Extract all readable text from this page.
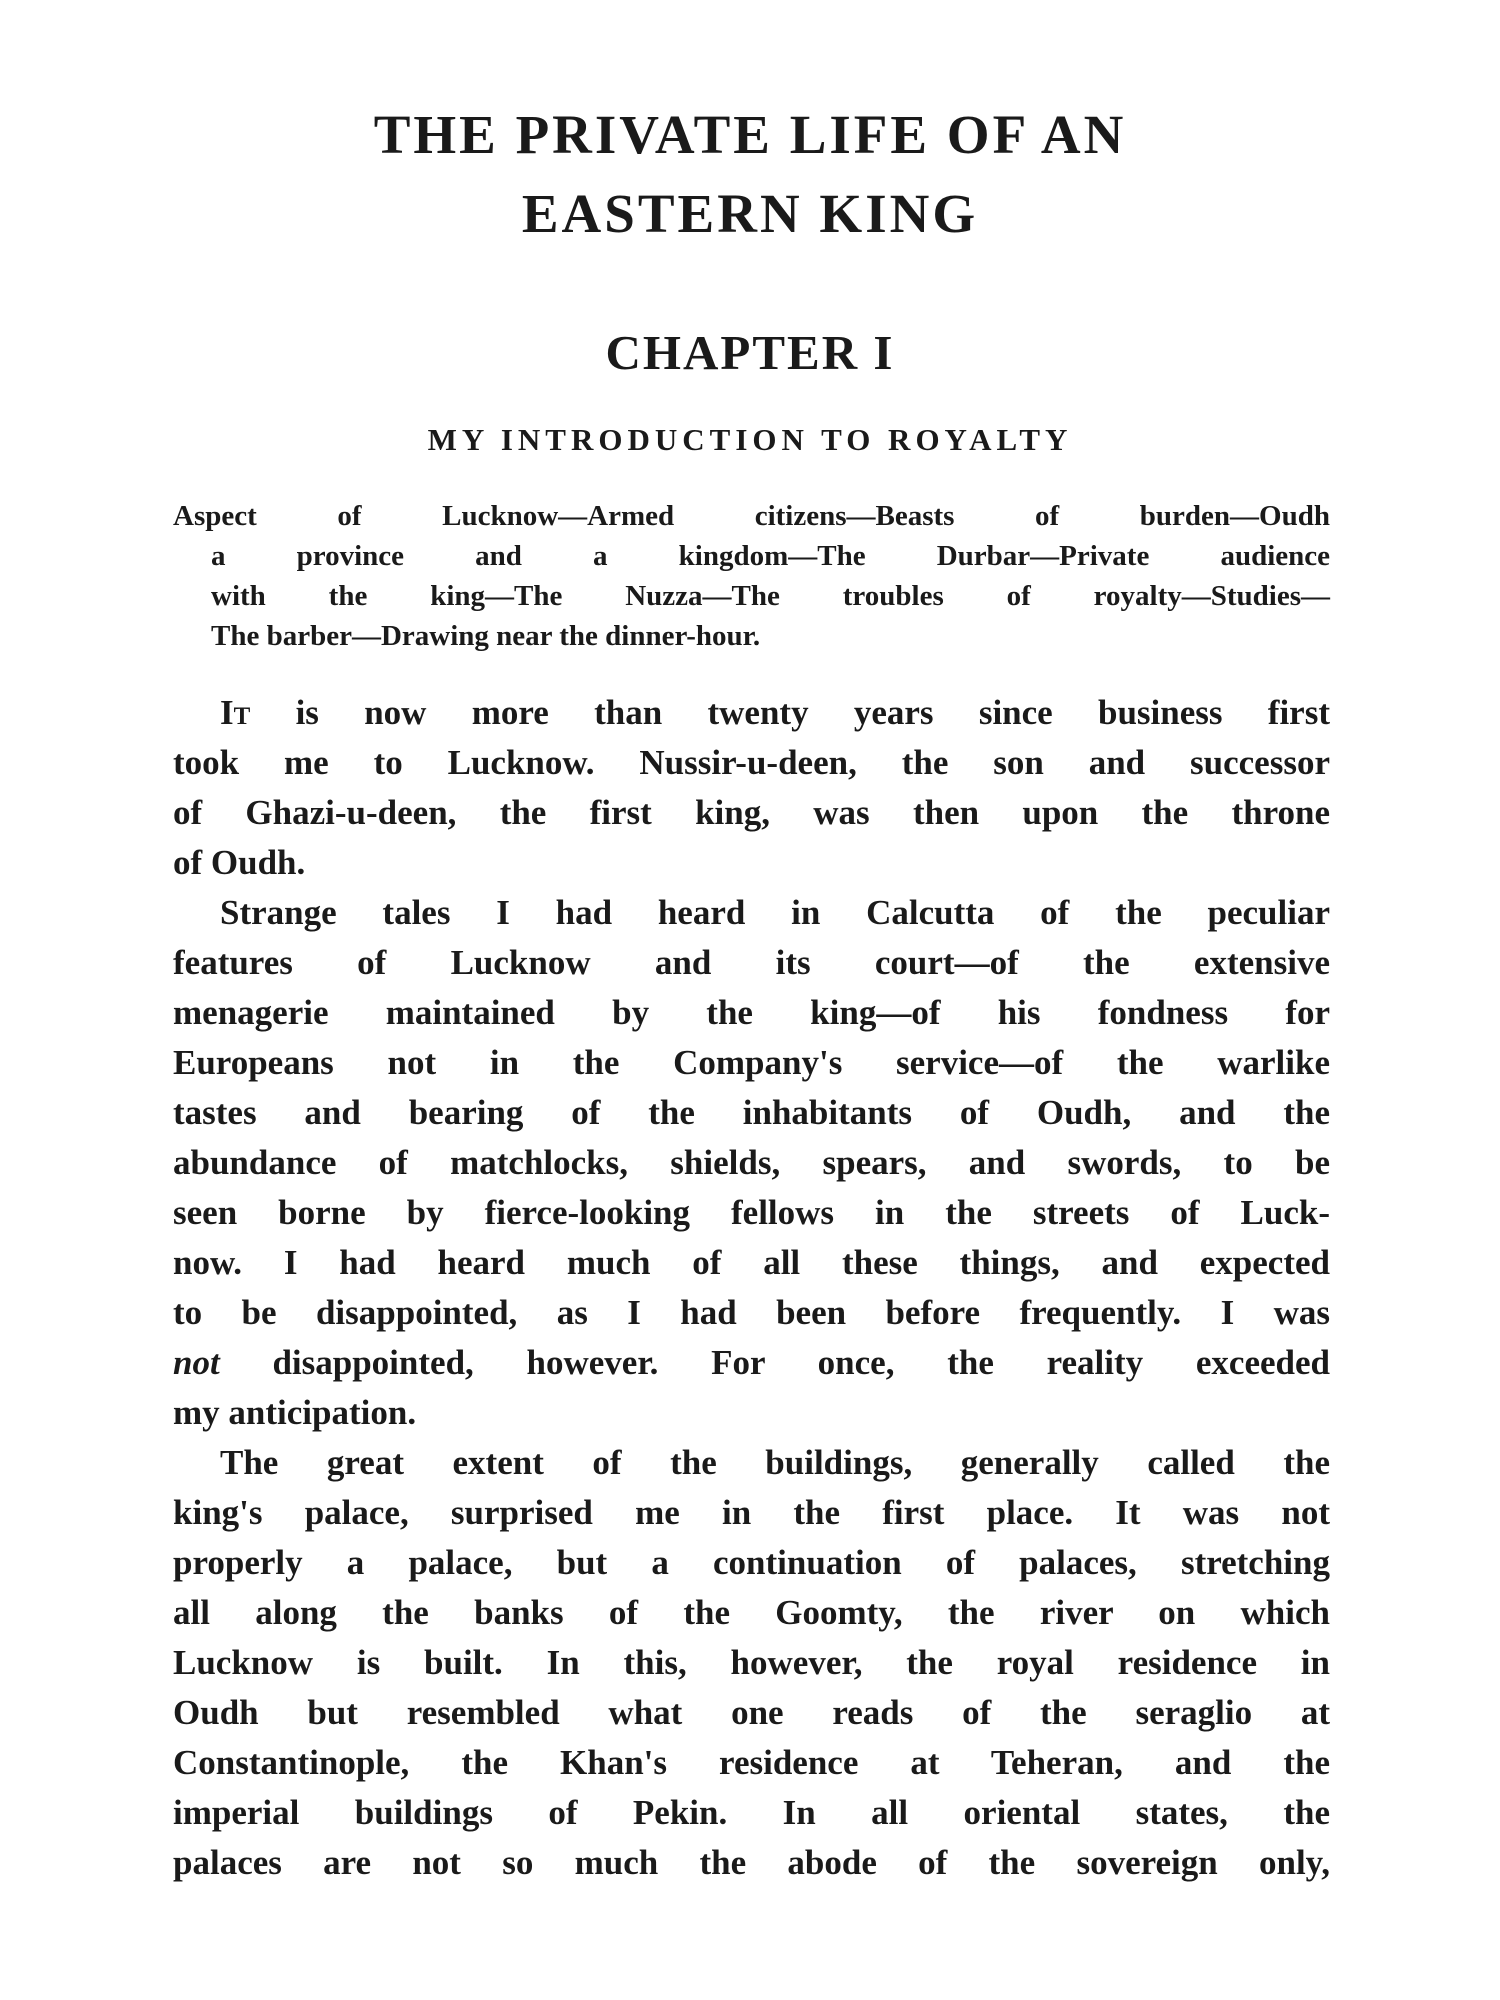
THE PRIVATE LIFE OF AN
EASTERN KING
CHAPTER I
MY INTRODUCTION TO ROYALTY
Aspect of Lucknow—Armed citizens—Beasts of burden—Oudh
a province and a kingdom—The Durbar—Private audience
with the king—The Nuzza—The troubles of royalty—Studies—
The barber—Drawing near the dinner-hour.
It is now more than twenty years since business first
took me to Lucknow. Nussir-u-deen, the son and successor
of Ghazi-u-deen, the first king, was then upon the throne
of Oudh.
Strange tales I had heard in Calcutta of the peculiar
features of Lucknow and its court—of the extensive
menagerie maintained by the king—of his fondness for
Europeans not in the Company's service—of the warlike
tastes and bearing of the inhabitants of Oudh, and the
abundance of matchlocks, shields, spears, and swords, to be
seen borne by fierce-looking fellows in the streets of Luck-
now. I had heard much of all these things, and expected
to be disappointed, as I had been before frequently. I was
not disappointed, however. For once, the reality exceeded
my anticipation.
The great extent of the buildings, generally called the
king's palace, surprised me in the first place. It was not
properly a palace, but a continuation of palaces, stretching
all along the banks of the Goomty, the river on which
Lucknow is built. In this, however, the royal residence in
Oudh but resembled what one reads of the seraglio at
Constantinople, the Khan's residence at Teheran, and the
imperial buildings of Pekin. In all oriental states, the
palaces are not so much the abode of the sovereign only,
